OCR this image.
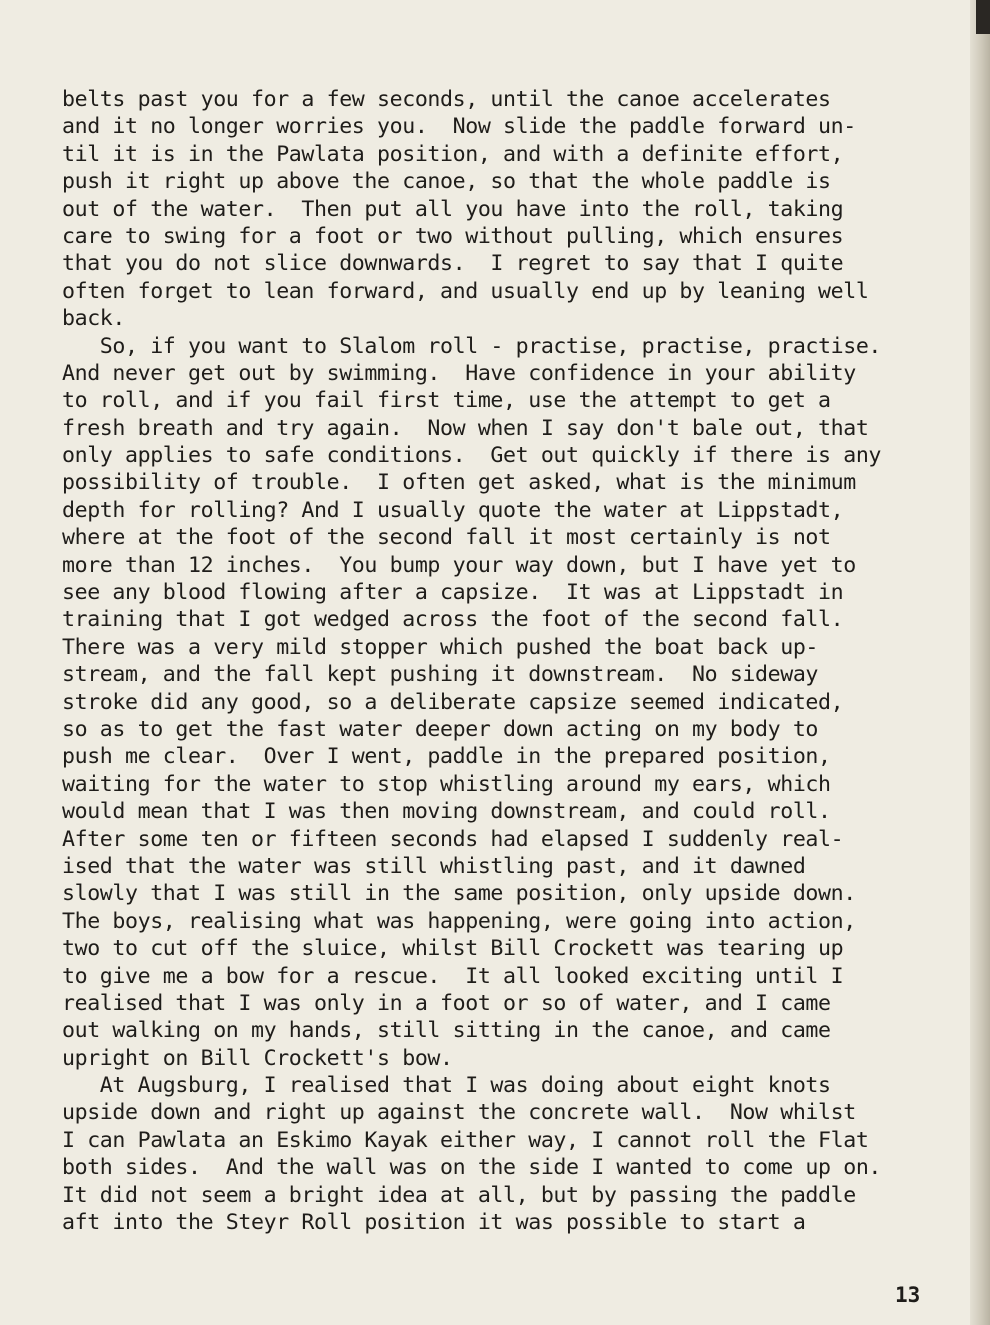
belts past you for a few seconds, until the canoe accelerates
and it no longer worries you.  Now slide the paddle forward un-
til it is in the Pawlata position, and with a definite effort,
push it right up above the canoe, so that the whole paddle is
out of the water.  Then put all you have into the roll, taking
care to swing for a foot or two without pulling, which ensures
that you do not slice downwards.  I regret to say that I quite
often forget to lean forward, and usually end up by leaning well
back.
So, if you want to Slalom roll - practise, practise, practise.
And never get out by swimming.  Have confidence in your ability
to roll, and if you fail first time, use the attempt to get a
fresh breath and try again.  Now when I say don't bale out, that
only applies to safe conditions.  Get out quickly if there is any
possibility of trouble.  I often get asked, what is the minimum
depth for rolling? And I usually quote the water at Lippstadt,
where at the foot of the second fall it most certainly is not
more than 12 inches.  You bump your way down, but I have yet to
see any blood flowing after a capsize.  It was at Lippstadt in
training that I got wedged across the foot of the second fall.
There was a very mild stopper which pushed the boat back up-
stream, and the fall kept pushing it downstream.  No sideway
stroke did any good, so a deliberate capsize seemed indicated,
so as to get the fast water deeper down acting on my body to
push me clear.  Over I went, paddle in the prepared position,
waiting for the water to stop whistling around my ears, which
would mean that I was then moving downstream, and could roll.
After some ten or fifteen seconds had elapsed I suddenly real-
ised that the water was still whistling past, and it dawned
slowly that I was still in the same position, only upside down.
The boys, realising what was happening, were going into action,
two to cut off the sluice, whilst Bill Crockett was tearing up
to give me a bow for a rescue.  It all looked exciting until I
realised that I was only in a foot or so of water, and I came
out walking on my hands, still sitting in the canoe, and came
upright on Bill Crockett's bow.
At Augsburg, I realised that I was doing about eight knots
upside down and right up against the concrete wall.  Now whilst
I can Pawlata an Eskimo Kayak either way, I cannot roll the Flat
both sides.  And the wall was on the side I wanted to come up on.
It did not seem a bright idea at all, but by passing the paddle
aft into the Steyr Roll position it was possible to start a
13
